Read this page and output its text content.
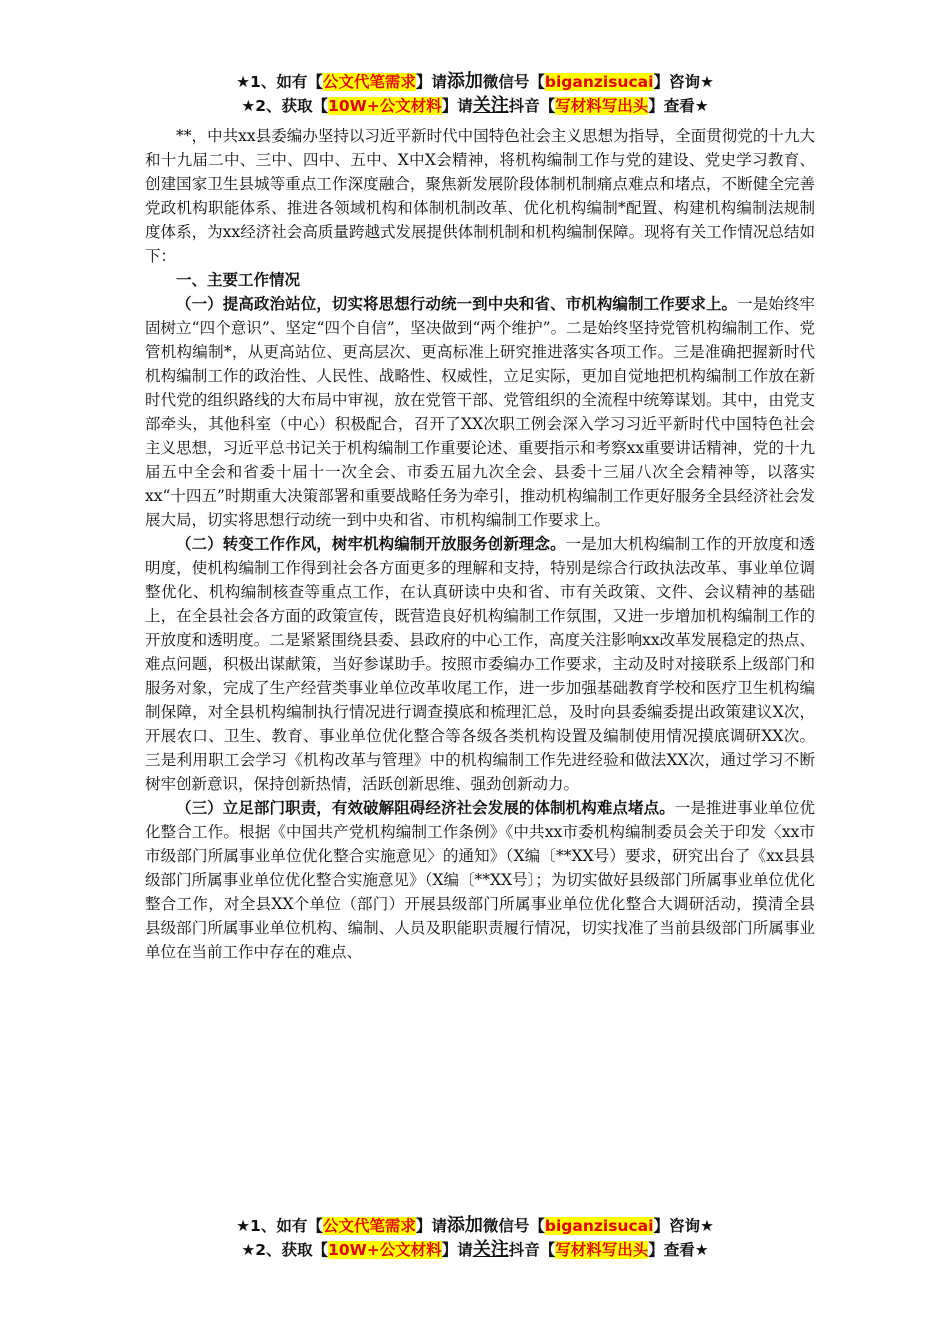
★1、如有【公文代笔需求】请添加微信号【biganzisucai】咨询★
★2、获取【10W+公文材料】请关注抖音【写材料写出头】查看★

**，中共xx县委编办坚持以习近平新时代中国特色社会主义思想为指导，全面贯彻党的十九大和十九届二中、三中、四中、五中、X中X会精神，将机构编制工作与党的建设、党史学习教育、创建国家卫生县城等重点工作深度融合，聚焦新发展阶段体制机制痛点难点和堵点，不断健全完善党政机构职能体系、推进各领域机构和体制机制改革、优化机构编制*配置、构建机构编制法规制度体系，为xx经济社会高质量跨越式发展提供体制机制和机构编制保障。现将有关工作情况总结如下：

一、主要工作情况

（一）提高政治站位，切实将思想行动统一到中央和省、市机构编制工作要求上。一是始终牢固树立“四个意识”、坚定“四个自信”，坚决做到“两个维护”。二是始终坚持党管机构编制工作、党管机构编制*，从更高站位、更高层次、更高标准上研究推进落实各项工作。三是准确把握新时代机构编制工作的政治性、人民性、战略性、权威性，立足实际，更加自觉地把机构编制工作放在新时代党的组织路线的大布局中审视，放在党管干部、党管组织的全流程中统筹谋划。其中，由党支部牵头，其他科室（中心）积极配合，召开了XX次职工例会深入学习习近平新时代中国特色社会主义思想，习近平总书记关于机构编制工作重要论述、重要指示和考察xx重要讲话精神，党的十九届五中全会和省委十届十一次全会、市委五届九次全会、县委十三届八次全会精神等，以落实xx“十四五”时期重大决策部署和重要战略任务为牵引，推动机构编制工作更好服务全县经济社会发展大局，切实将思想行动统一到中央和省、市机构编制工作要求上。

（二）转变工作作风，树牢机构编制开放服务创新理念。一是加大机构编制工作的开放度和透明度，使机构编制工作得到社会各方面更多的理解和支持，特别是综合行政执法改革、事业单位调整优化、机构编制核查等重点工作，在认真研读中央和省、市有关政策、文件、会议精神的基础上，在全县社会各方面的政策宣传，既营造良好机构编制工作氛围，又进一步增加机构编制工作的开放度和透明度。二是紧紧围绕县委、县政府的中心工作，高度关注影响xx改革发展稳定的热点、难点问题，积极出谋献策，当好参谋助手。按照市委编办工作要求，主动及时对接联系上级部门和服务对象，完成了生产经营类事业单位改革收尾工作，进一步加强基础教育学校和医疗卫生机构编制保障，对全县机构编制执行情况进行调查摸底和梳理汇总，及时向县委编委提出政策建议X次，开展农口、卫生、教育、事业单位优化整合等各级各类机构设置及编制使用情况摸底调研XX次。三是利用职工会学习《机构改革与管理》中的机构编制工作先进经验和做法XX次，通过学习不断树牢创新意识，保持创新热情，活跃创新思维、强劲创新动力。

（三）立足部门职责，有效破解阻碍经济社会发展的体制机构难点堵点。一是推进事业单位优化整合工作。根据《中国共产党机构编制工作条例》《中共xx市委机构编制委员会关于印发〈xx市市级部门所属事业单位优化整合实施意见〉的通知》（X编〔**XX号）要求，研究出台了《xx县县级部门所属事业单位优化整合实施意见》（X编〔**XX号〕；为切实做好县级部门所属事业单位优化整合工作，对全县XX个单位（部门）开展县级部门所属事业单位优化整合大调研活动，摸清全县县级部门所属事业单位机构、编制、人员及职能职责履行情况，切实找准了当前县级部门所属事业单位在当前工作中存在的难点、

★1、如有【公文代笔需求】请添加微信号【biganzisucai】咨询★
★2、获取【10W+公文材料】请关注抖音【写材料写出头】查看★
